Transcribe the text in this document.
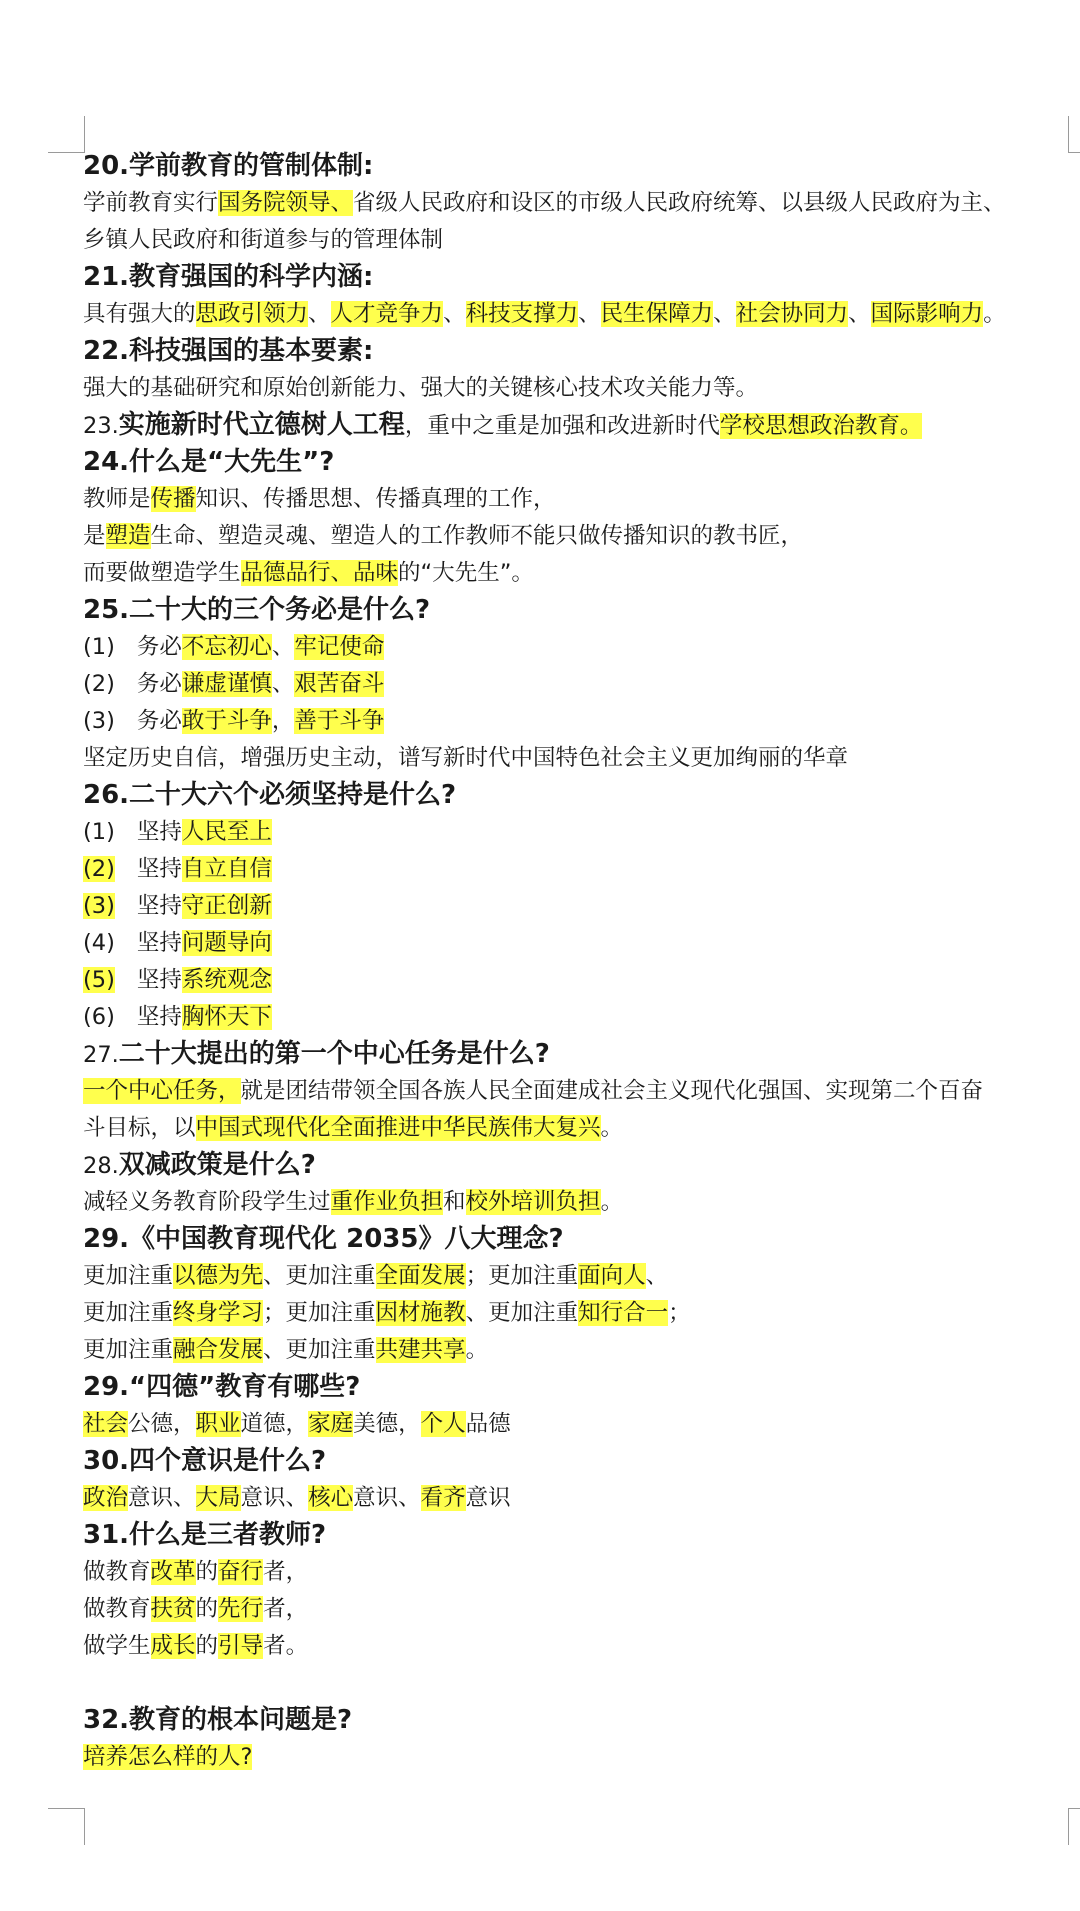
20.学前教育的管制体制:
学前教育实行国务院领导、省级人民政府和设区的市级人民政府统筹、以县级人民政府为主、
乡镇人民政府和街道参与的管理体制
21.教育强国的科学内涵:
具有强大的思政引领力、人才竞争力、科技支撑力、民生保障力、社会协同力、国际影响力。
22.科技强国的基本要素:
强大的基础研究和原始创新能力、强大的关键核心技术攻关能力等。
23.实施新时代立德树人工程，重中之重是加强和改进新时代学校思想政治教育。
24.什么是“大先生”?
教师是传播知识、传播思想、传播真理的工作，
是塑造生命、塑造灵魂、塑造人的工作教师不能只做传播知识的教书匠，
而要做塑造学生品德品行、品味的“大先生”。
25.二十大的三个务必是什么?
(1) 务必不忘初心、牢记使命
(2) 务必谦虚谨慎、艰苦奋斗
(3) 务必敢于斗争，善于斗争
坚定历史自信，增强历史主动，谱写新时代中国特色社会主义更加绚丽的华章
26.二十大六个必须坚持是什么?
(1) 坚持人民至上
(2) 坚持自立自信
(3) 坚持守正创新
(4) 坚持问题导向
(5) 坚持系统观念
(6) 坚持胸怀天下
27.二十大提出的第一个中心任务是什么?
一个中心任务，就是团结带领全国各族人民全面建成社会主义现代化强国、实现第二个百奋
斗目标，以中国式现代化全面推进中华民族伟大复兴。
28.双减政策是什么?
减轻义务教育阶段学生过重作业负担和校外培训负担。
29.《中国教育现代化 2035》八大理念?
更加注重以德为先、更加注重全面发展；更加注重面向人、
更加注重终身学习；更加注重因材施教、更加注重知行合一；
更加注重融合发展、更加注重共建共享。
29.“四德”教育有哪些?
社会公德，职业道德，家庭美德，个人品德
30.四个意识是什么?
政治意识、大局意识、核心意识、看齐意识
31.什么是三者教师?
做教育改革的奋行者，
做教育扶贫的先行者，
做学生成长的引导者。
32.教育的根本问题是?
培养怎么样的人?
